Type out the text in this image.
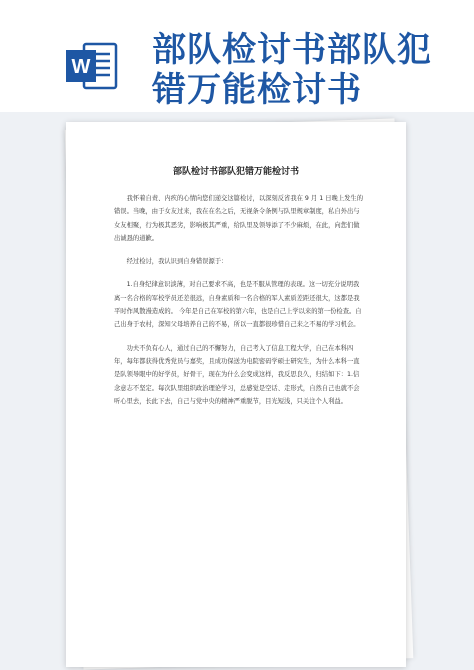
W 部队检讨书部队犯错万能检讨书
部队检讨书部队犯错万能检讨书

我怀着自责、内疚的心情向您们递交这篇检讨，以深刻反省我在 9 月 1 日晚上发生的错误。当晚，由于女友过来，我在在名之后，无视条令条例与队里规章制度，私自外出与女友相聚，行为极其恶劣，影响极其严重，给队里及领导添了不少麻烦，在此，向您们做出诚恳的道歉。

经过检讨，我认识到自身错误源于：

1.自身纪律意识淡薄，对自己要求不高，也是不服从管理的表现。这一切充分说明我离一名合格的军校学员还差很远，自身素质和一名合格的军人素质差距还很大，这都是我平时作风散漫造成的。 今年是自己在军校的第六年，也是自己上学以来的第一份检查。自己出身于农村，深知父母培养自己的不易，所以一直都很珍惜自己来之不易的学习机会。

功夫不负有心人，通过自己的不懈努力，自己考入了信息工程大学，自己在本科四年，每年都获得优秀党员与嘉奖，且成功保送为电院密码学硕士研究生，为什么本科一直是队领导眼中的好学员，好骨干，现在为什么会变成这样，我反思良久，归结如下：1.信念意志不坚定。每次队里组织政治理论学习，总感觉是空话、走形式，自然自己也就不会听心里去，长此下去，自己与党中央的精神严重脱节，目光短浅，只关注个人利益。
